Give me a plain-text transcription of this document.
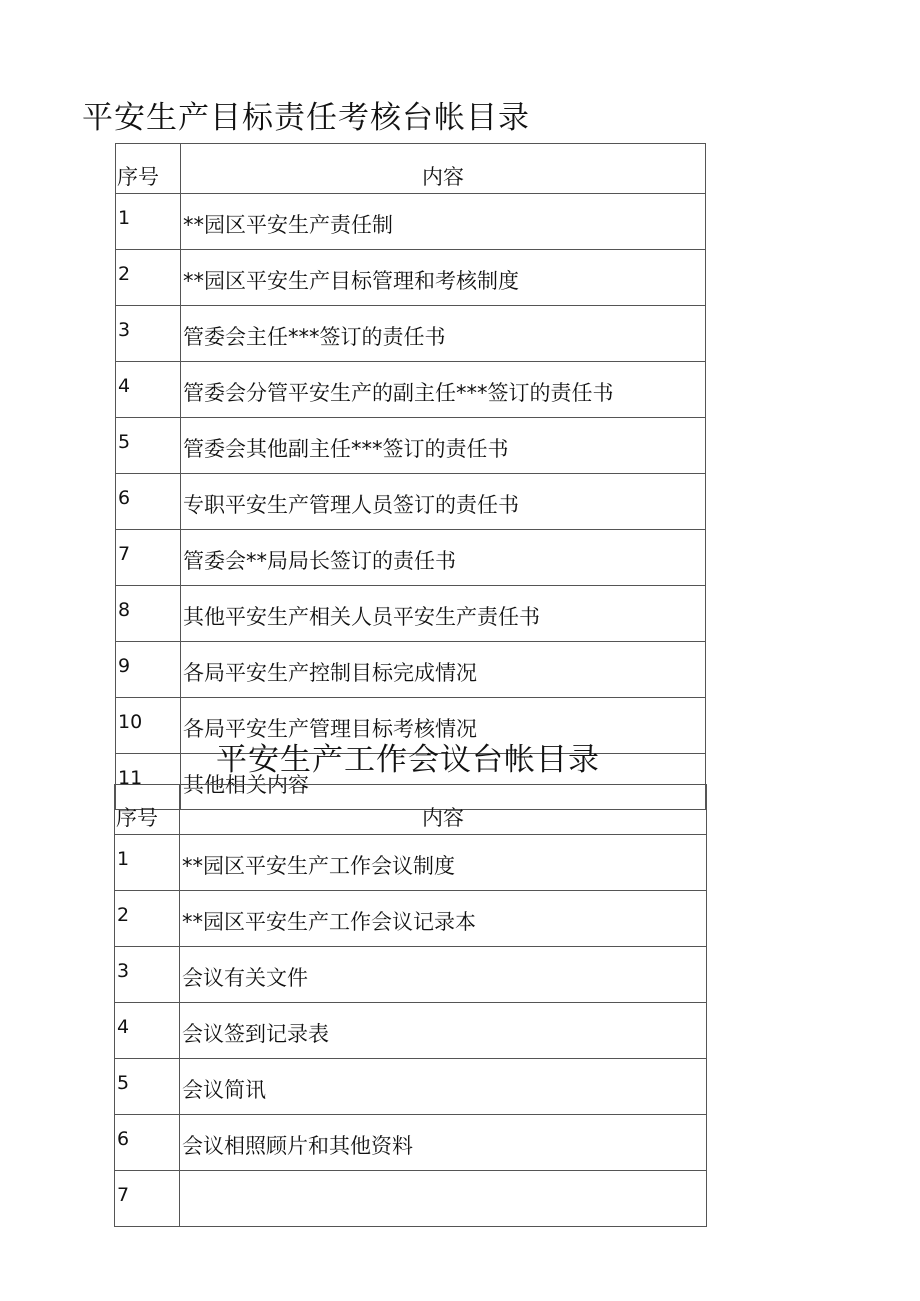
平安生产目标责任考核台帐目录
序号	内容
1	**园区平安生产责任制
2	**园区平安生产目标管理和考核制度
3	管委会主任***签订的责任书
4	管委会分管平安生产的副主任***签订的责任书
5	管委会其他副主任***签订的责任书
6	专职平安生产管理人员签订的责任书
7	管委会**局局长签订的责任书
8	其他平安生产相关人员平安生产责任书
9	各局平安生产控制目标完成情况
10	各局平安生产管理目标考核情况
11	其他相关内容
平安生产工作会议台帐目录
序号	内容
1	**园区平安生产工作会议制度
2	**园区平安生产工作会议记录本
3	会议有关文件
4	会议签到记录表
5	会议简讯
6	会议相照顾片和其他资料
7	
